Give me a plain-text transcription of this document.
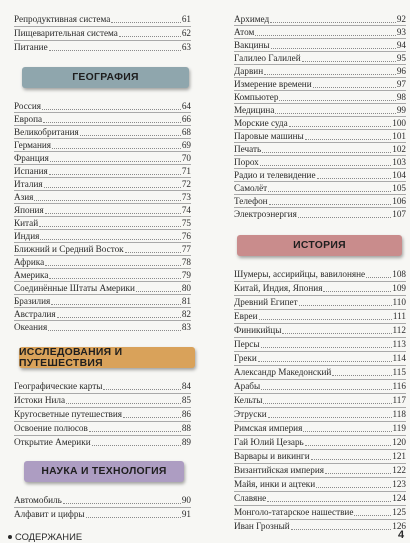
Репродуктивная система	61
Пищеварительная система	62
Питание	63
ГЕОГРАФИЯ
Россия	64
Европа	66
Великобритания	68
Германия	69
Франция	70
Испания	71
Италия	72
Азия	73
Япония	74
Китай	75
Индия	76
Ближний и Средний Восток	77
Африка	78
Америка	79
Соединённые Штаты Америки	80
Бразилия	81
Австралия	82
Океания	83
ИССЛЕДОВАНИЯ И ПУТЕШЕСТВИЯ
Географические карты	84
Истоки Нила	85
Кругосветные путешествия	86
Освоение полюсов	88
Открытие Америки	89
НАУКА И ТЕХНОЛОГИЯ
Автомобиль	90
Алфавит и цифры	91
Архимед	92
Атом	93
Вакцины	94
Галилео Галилей	95
Дарвин	96
Измерение времени	97
Компьютер	98
Медицина	99
Морские суда	100
Паровые машины	101
Печать	102
Порох	103
Радио и телевидение	104
Самолёт	105
Телефон	106
Электроэнергия	107
ИСТОРИЯ
Шумеры, ассирийцы, вавилоняне	108
Китай, Индия, Япония	109
Древний Египет	110
Евреи	111
Финикийцы	112
Персы	113
Греки	114
Александр Македонский	115
Арабы	116
Кельты	117
Этруски	118
Римская империя	119
Гай Юлий Цезарь	120
Варвары и викинги	121
Византийская империя	122
Майя, инки и ацтеки	123
Славяне	124
Монголо-татарское нашествие	125
Иван Грозный	126
СОДЕРЖАНИЕ	4
